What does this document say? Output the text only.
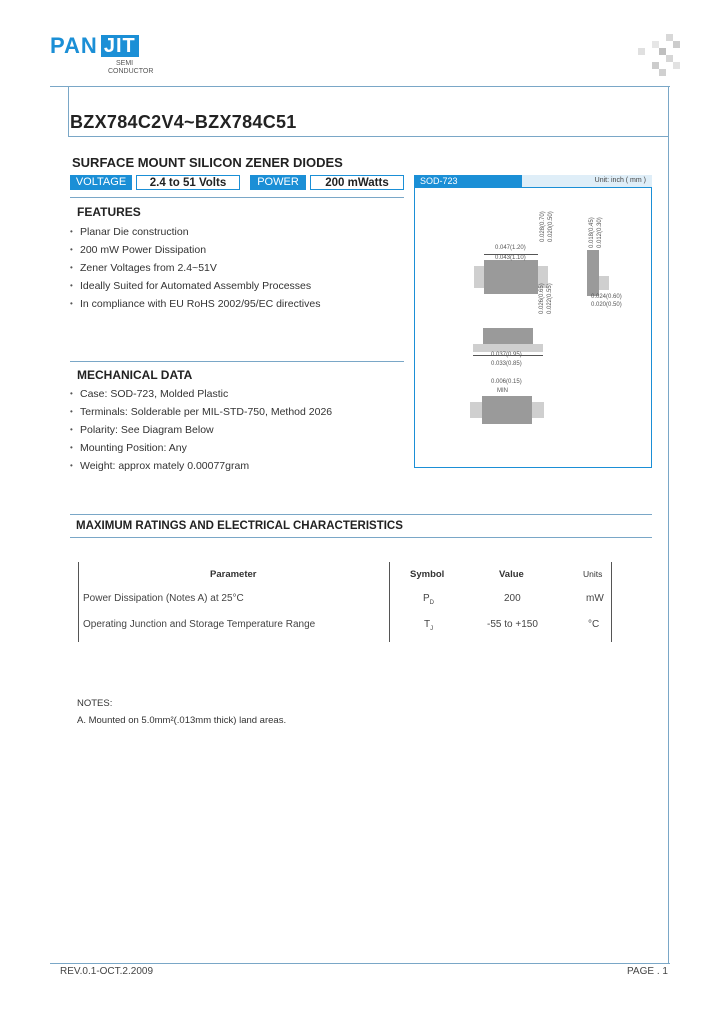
PAN JIT
SEMI
CONDUCTOR
BZX784C2V4~BZX784C51
SURFACE MOUNT SILICON ZENER DIODES
VOLTAGE	2.4 to 51 Volts	POWER	200 mWatts	SOD-723	Unit: inch ( mm )
0.047(1.20)
0.043(1.10)
0.028(0.70) 0.020(0.50)	0.018(0.45) 0.012(0.30)
0.024(0.60)
0.020(0.50)
0.037(0.95)
0.033(0.85)
0.026(0.65) 0.022(0.55)
0.006(0.15)
MIN
FEATURES
• Planar Die construction
• 200 mW Power Dissipation
• Zener Voltages from 2.4~51V
• Ideally Suited for Automated Assembly Processes
• In compliance with EU RoHS 2002/95/EC directives
MECHANICAL DATA
• Case: SOD-723, Molded Plastic
• Terminals: Solderable per MIL-STD-750, Method 2026
• Polarity: See Diagram Below
• Mounting Position: Any
• Weight: approx mately 0.00077gram
MAXIMUM RATINGS AND ELECTRICAL CHARACTERISTICS
Parameter	Symbol	Value	Units
Power Dissipation (Notes A) at 25°C	$P_D$	200	mW
Operating Junction and Storage Temperature Range	$T_J$	-55 to +150	°C
NOTES:
A. Mounted on 5.0mm²(.013mm thick) land areas.
REV.0.1-OCT.2.2009	PAGE . 1
